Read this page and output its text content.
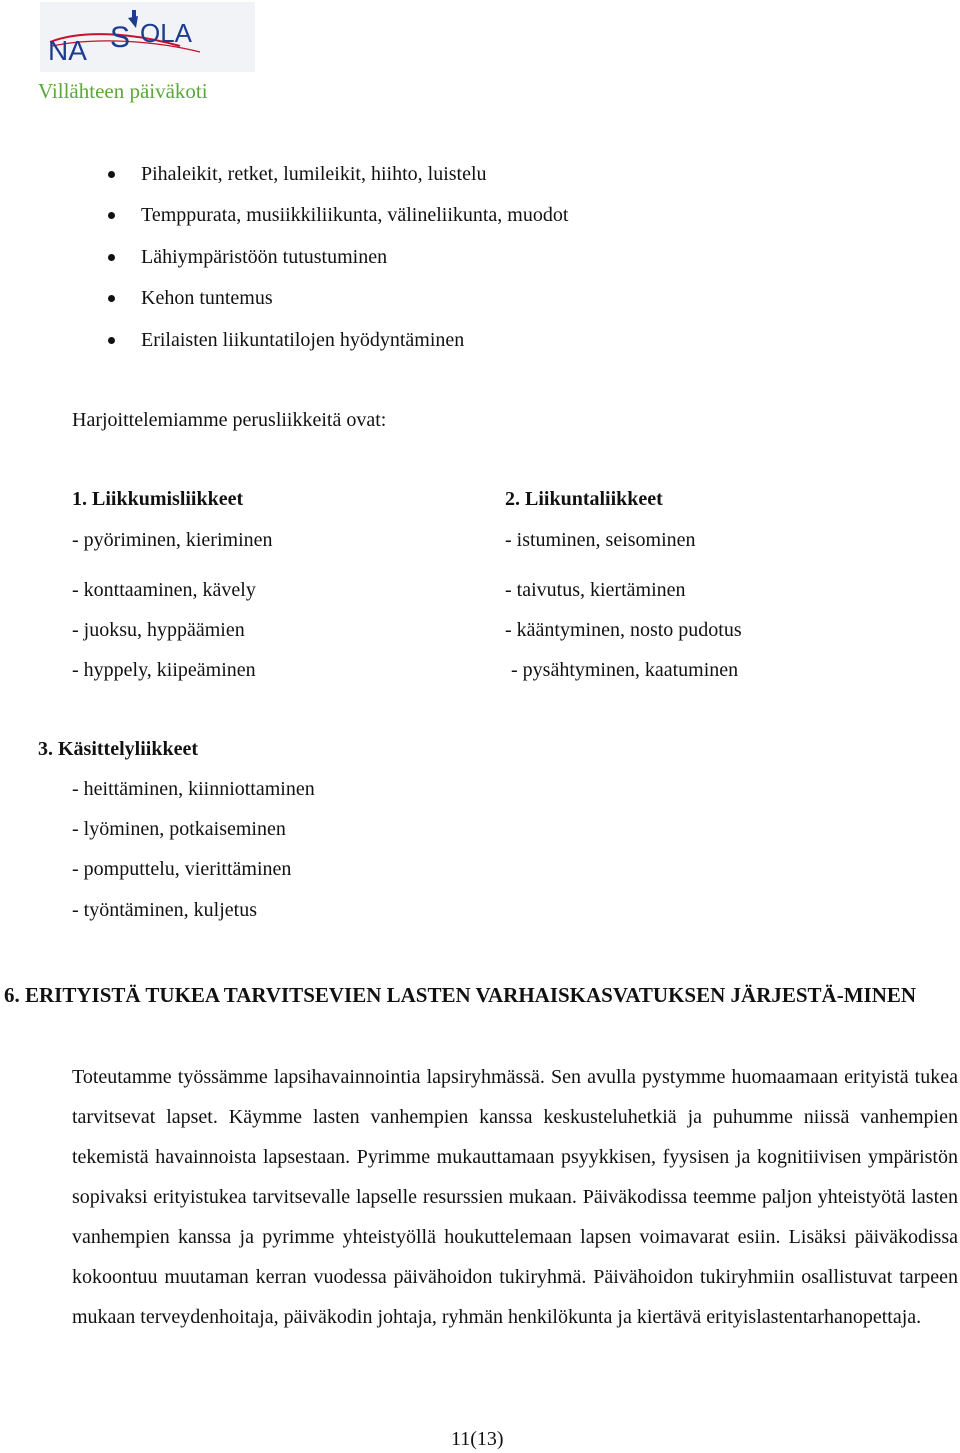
NA S OLA
Villähteen päiväkoti
Pihaleikit, retket, lumileikit, hiihto, luistelu
Temppurata, musiikkiliikunta, välineliikunta, muodot
Lähiympäristöön tutustuminen
Kehon tuntemus
Erilaisten liikuntatilojen hyödyntäminen
Harjoittelemiamme perusliikkeitä ovat:
1. Liikkumisliikkeet
- pyöriminen, kieriminen
- konttaaminen, kävely
- juoksu, hyppäämien
- hyppely, kiipeäminen
2. Liikuntaliikkeet
- istuminen, seisominen
- taivutus, kiertäminen
- kääntyminen, nosto pudotus
- pysähtyminen, kaatuminen
3. Käsittelyliikkeet
- heittäminen, kiinniottaminen
- lyöminen, potkaiseminen
- pomputtelu, vierittäminen
- työntäminen, kuljetus
6. ERITYISTÄ TUKEA TARVITSEVIEN LASTEN VARHAISKASVATUKSEN JÄRJESTÄ-MINEN
Toteutamme työssämme lapsihavainnointia lapsiryhmässä. Sen avulla pystymme huomaamaan erityistä tukea tarvitsevat lapset. Käymme lasten vanhempien kanssa keskusteluhetkiä ja puhumme niissä vanhempien tekemistä havainnoista lapsestaan. Pyrimme mukauttamaan psyykkisen, fyysisen ja kognitiivisen ympäristön sopivaksi erityistukea tarvitsevalle lapselle resurssien mukaan. Päiväkodissa teemme paljon yhteistyötä lasten vanhempien kanssa ja pyrimme yhteistyöllä houkuttelemaan lapsen voimavarat esiin. Lisäksi päiväkodissa kokoontuu muutaman kerran vuodessa päivähoidon tukiryhmä. Päivähoidon tukiryhmiin osallistuvat tarpeen mukaan terveydenhoitaja, päiväkodin johtaja, ryhmän henkilökunta ja kiertävä erityislastentarhanopettaja.
11(13)
